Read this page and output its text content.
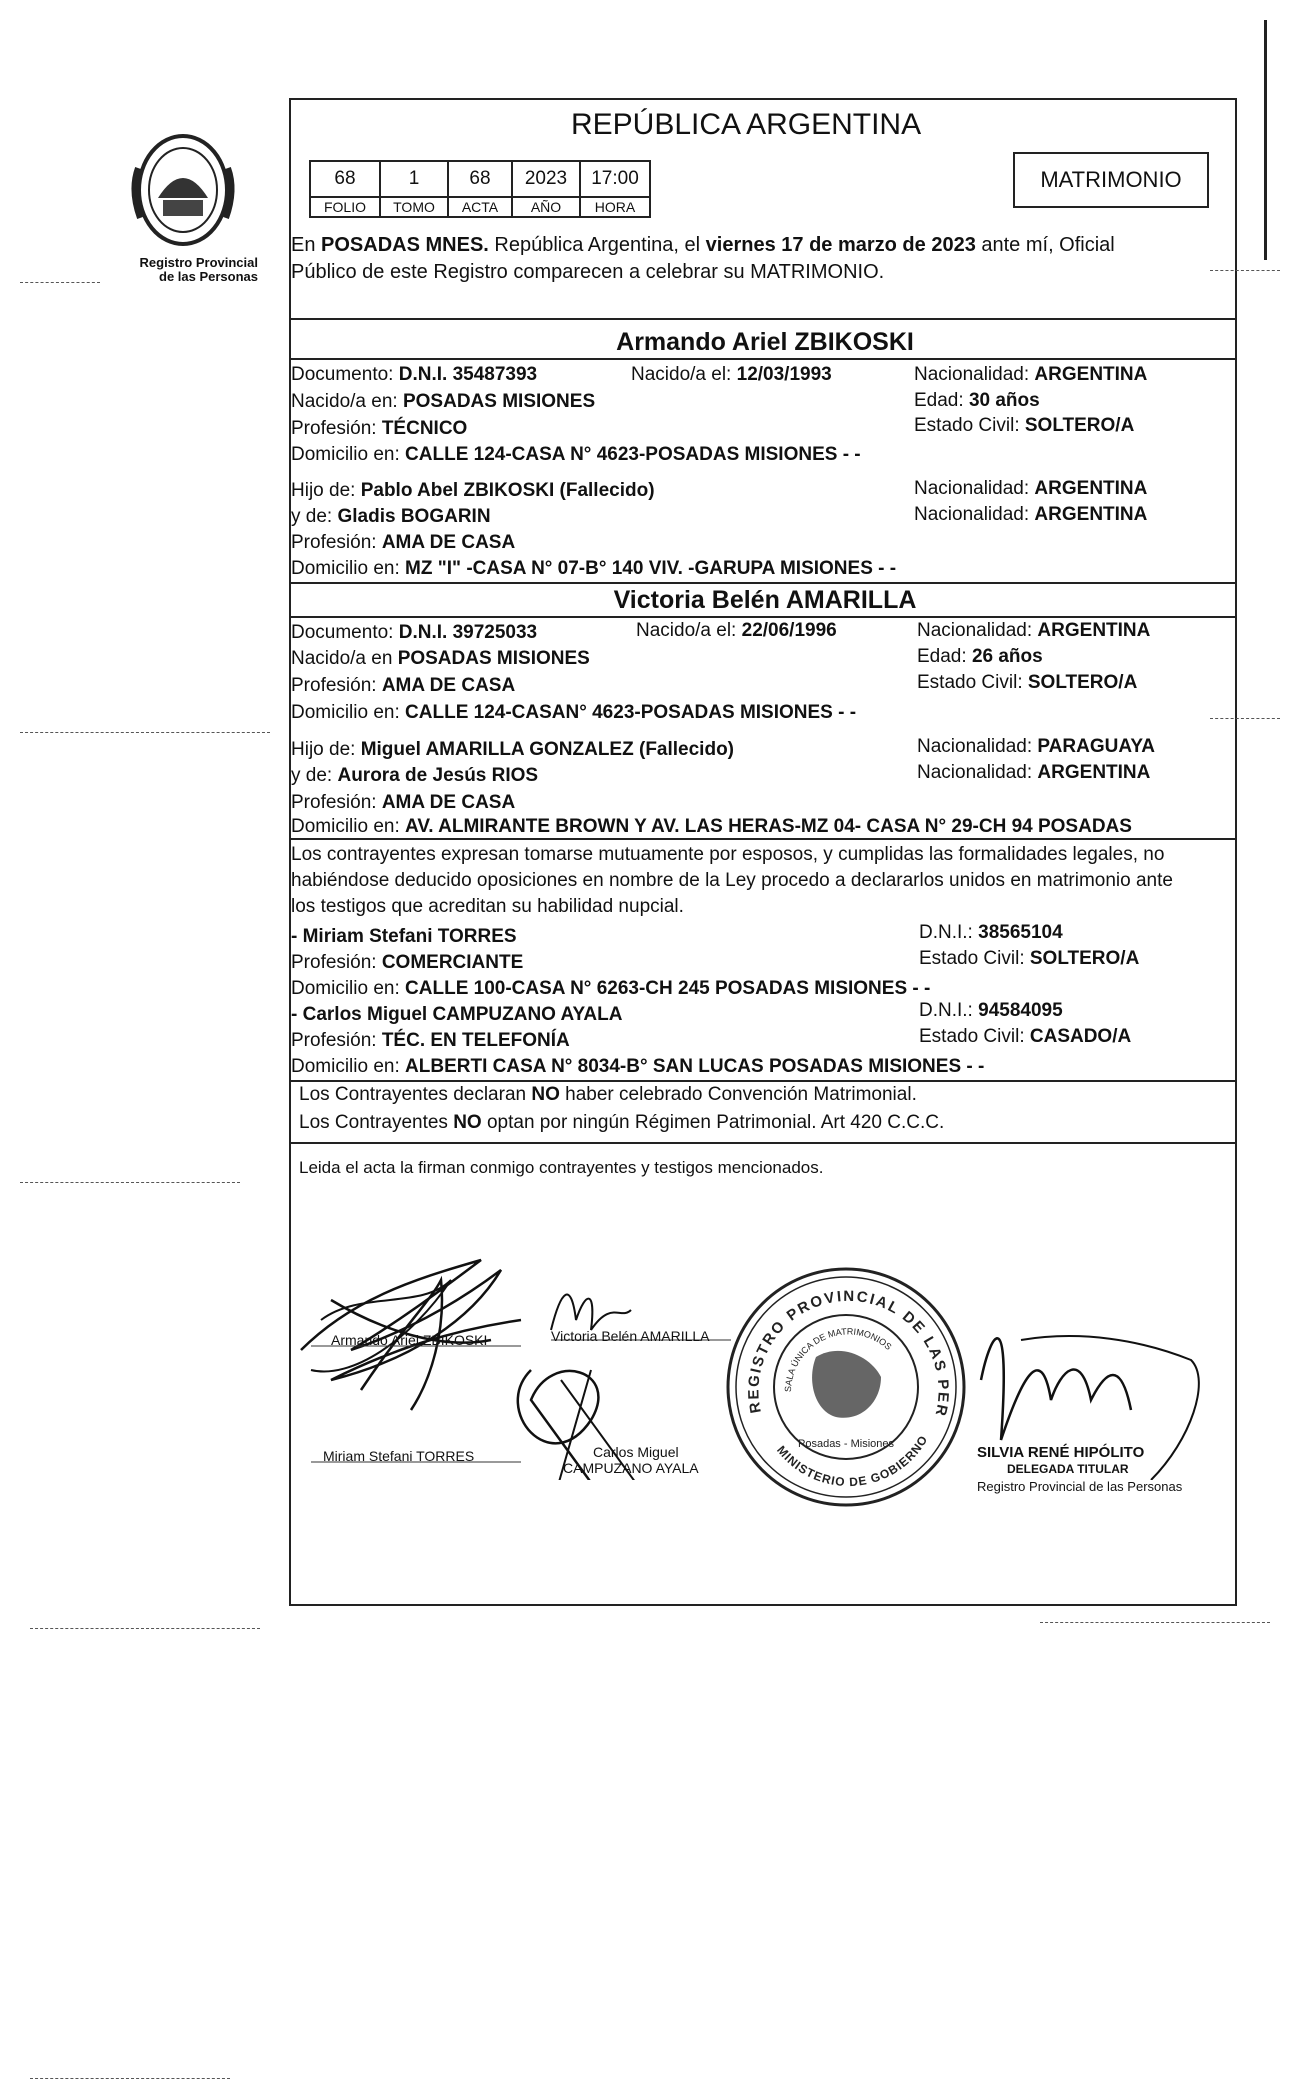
Registro Provincial
de las Personas
REPÚBLICA ARGENTINA
MATRIMONIO
En POSADAS MNES. República Argentina, el viernes 17 de marzo de 2023 ante mí, Oficial
Público de este Registro comparecen a celebrar su MATRIMONIO.
Armando Ariel ZBIKOSKI
Documento: D.N.I. 35487393	Nacido/a el: 12/03/1993	Nacionalidad: ARGENTINA
Nacido/a en: POSADAS MISIONES	Edad: 30 años
Profesión: TÉCNICO	Estado Civil: SOLTERO/A
Domicilio en: CALLE 124-CASA N° 4623-POSADAS MISIONES - -
Hijo de: Pablo Abel ZBIKOSKI (Fallecido)	Nacionalidad: ARGENTINA
y de: Gladis BOGARIN	Nacionalidad: ARGENTINA
Profesión: AMA DE CASA
Domicilio en: MZ "I" -CASA N° 07-B° 140 VIV. -GARUPA MISIONES - -
Victoria Belén AMARILLA
Documento: D.N.I. 39725033	Nacido/a el: 22/06/1996	Nacionalidad: ARGENTINA
Nacido/a en POSADAS MISIONES	Edad: 26 años
Profesión: AMA DE CASA	Estado Civil: SOLTERO/A
Domicilio en: CALLE 124-CASAN° 4623-POSADAS MISIONES - -
Hijo de: Miguel AMARILLA GONZALEZ (Fallecido)	Nacionalidad: PARAGUAYA
y de: Aurora de Jesús RIOS	Nacionalidad: ARGENTINA
Profesión: AMA DE CASA
Domicilio en: AV. ALMIRANTE BROWN Y AV. LAS HERAS-MZ 04- CASA N° 29-CH 94 POSADAS
Los contrayentes expresan tomarse mutuamente por esposos, y cumplidas las formalidades legales, no
habiéndose deducido oposiciones en nombre de la Ley procedo a declararlos unidos en matrimonio ante
los testigos que acreditan su habilidad nupcial.
- Miriam Stefani TORRES	D.N.I.: 38565104
Profesión: COMERCIANTE	Estado Civil: SOLTERO/A
Domicilio en: CALLE 100-CASA N° 6263-CH 245 POSADAS MISIONES - -
- Carlos Miguel CAMPUZANO AYALA	D.N.I.: 94584095
Profesión: TÉC. EN TELEFONÍA	Estado Civil: CASADO/A
Domicilio en: ALBERTI CASA N° 8034-B° SAN LUCAS POSADAS MISIONES - -
Los Contrayentes declaran NO haber celebrado Convención Matrimonial.
Los Contrayentes NO optan por ningún Régimen Patrimonial. Art 420 C.C.C.
Leida el acta la firman conmigo contrayentes y testigos mencionados.
Armando Ariel ZBIKOSKI	Victoria Belén AMARILLA
Miriam Stefani TORRES	Carlos Miguel
CAMPUZANO AYALA
REGISTRO PROVINCIAL DE LAS PER
MINISTERIO DE GOBIERNO
SALA ÚNICA DE MATRIMONIOS
Posadas - Misiones	SILVIA RENÉ HIPÓLITO
DELEGADA TITULAR
Registro Provincial de las Personas
68	1	68	2023	17:00
FOLIO	TOMO	ACTA	AÑO	HORA
